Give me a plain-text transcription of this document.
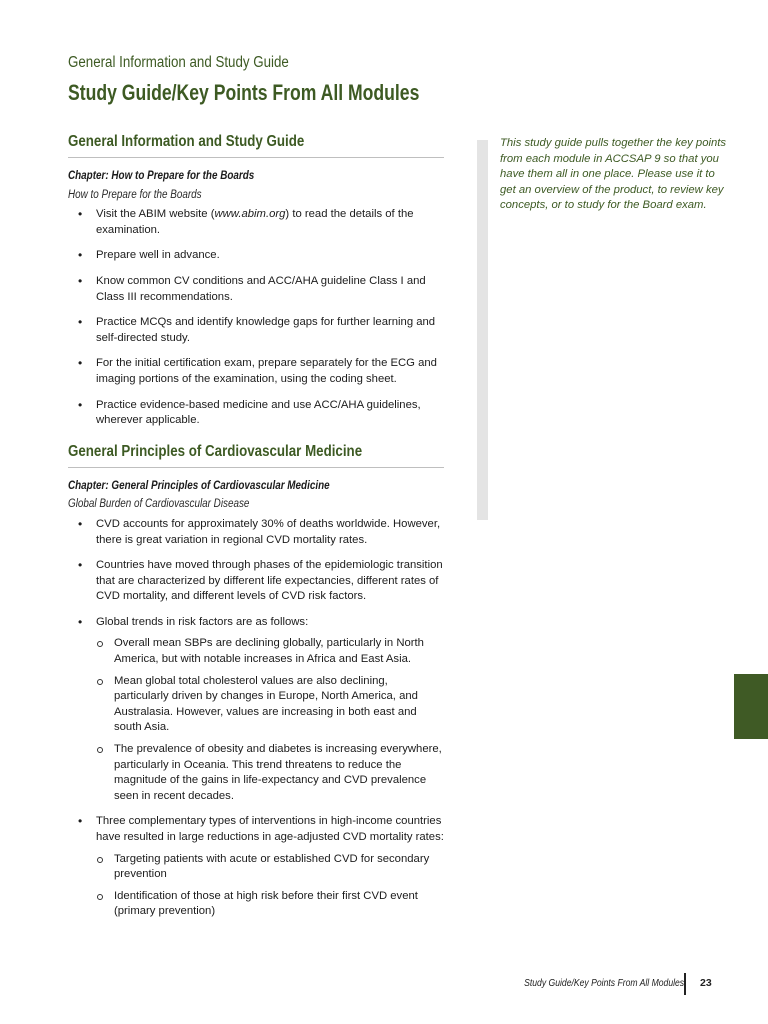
General Information and Study Guide
Study Guide/Key Points From All Modules
General Information and Study Guide
Chapter: How to Prepare for the Boards
How to Prepare for the Boards
• Visit the ABIM website (www.abim.org) to read the details of the examination.
• Prepare well in advance.
• Know common CV conditions and ACC/AHA guideline Class I and Class III recommendations.
• Practice MCQs and identify knowledge gaps for further learning and self-directed study.
• For the initial certification exam, prepare separately for the ECG and imaging portions of the examination, using the coding sheet.
• Practice evidence-based medicine and use ACC/AHA guidelines, wherever applicable.
General Principles of Cardiovascular Medicine
Chapter: General Principles of Cardiovascular Medicine
Global Burden of Cardiovascular Disease
• CVD accounts for approximately 30% of deaths worldwide. However, there is great variation in regional CVD mortality rates.
• Countries have moved through phases of the epidemiologic transition that are characterized by different life expectancies, different rates of CVD mortality, and different levels of CVD risk factors.
• Global trends in risk factors are as follows:
Overall mean SBPs are declining globally, particularly in North America, but with notable increases in Africa and East Asia.
Mean global total cholesterol values are also declining, particularly driven by changes in Europe, North America, and Australasia. However, values are increasing in both east and south Asia.
The prevalence of obesity and diabetes is increasing everywhere, particularly in Oceania. This trend threatens to reduce the magnitude of the gains in life-expectancy and CVD prevalence seen in recent decades.
• Three complementary types of interventions in high-income countries have resulted in large reductions in age-adjusted CVD mortality rates:
Targeting patients with acute or established CVD for secondary prevention
Identification of those at high risk before their first CVD event (primary prevention)
This study guide pulls together the key points from each module in ACCSAP 9 so that you have them all in one place. Please use it to get an overview of the product, to review key concepts, or to study for the Board exam.
Study Guide/Key Points From All Modules 23
